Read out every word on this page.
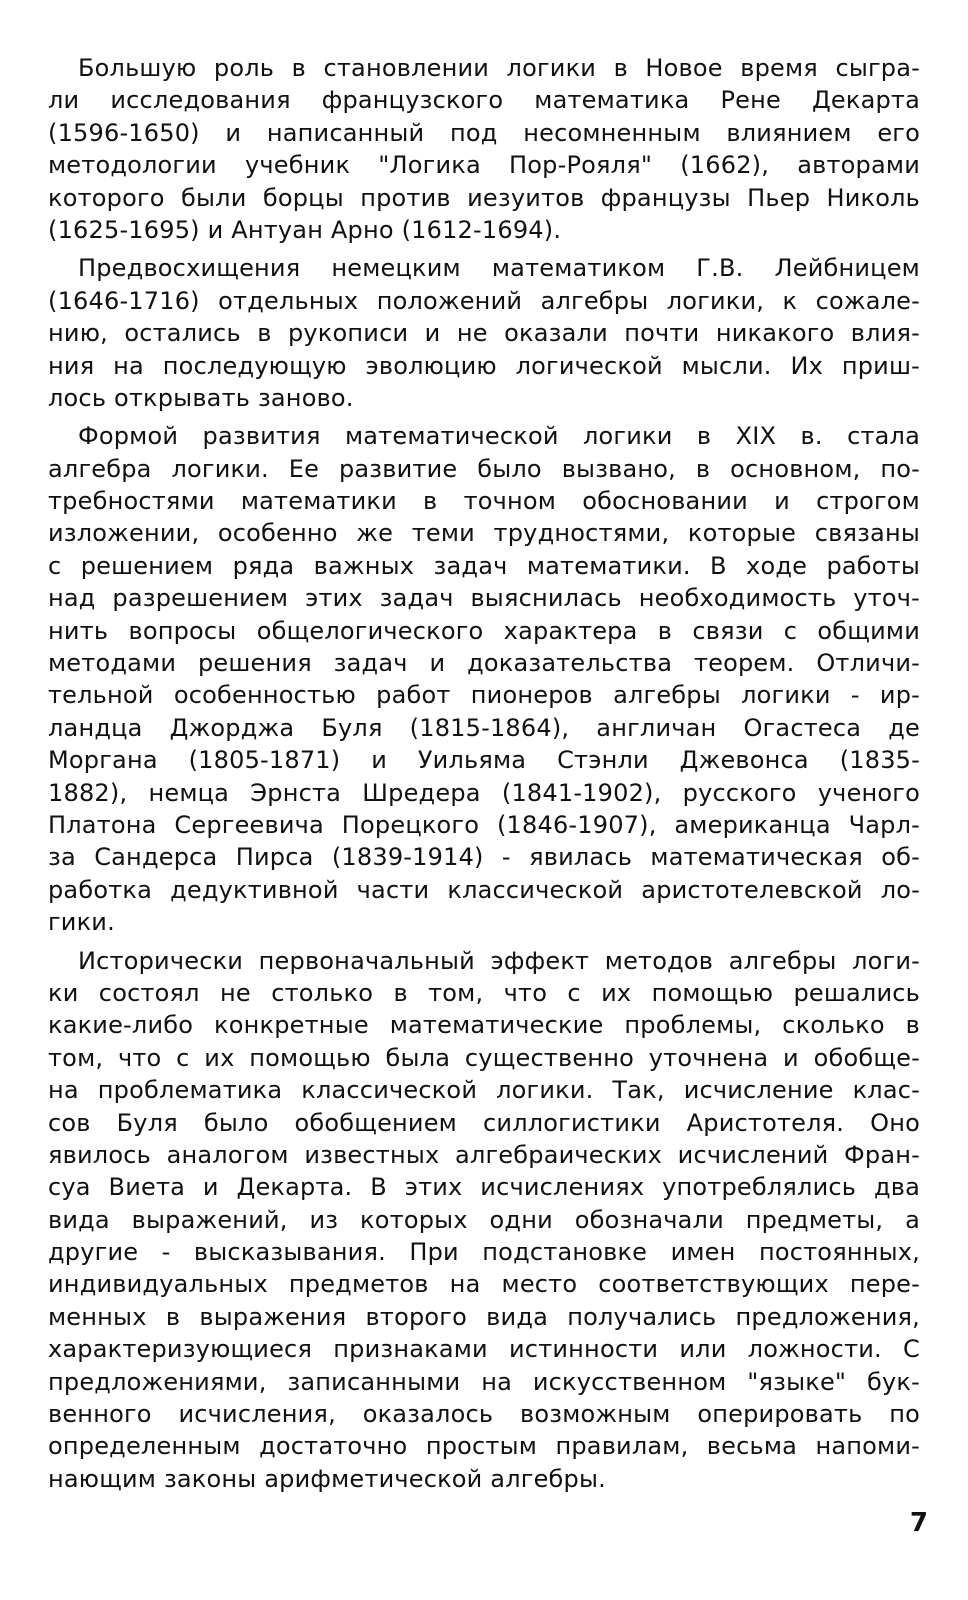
Большую роль в становлении логики в Новое время сыгра-
ли исследования французского математика Рене Декарта
(1596-1650) и написанный под несомненным влиянием его
методологии учебник "Логика Пор-Рояля" (1662), авторами
которого были борцы против иезуитов французы Пьер Николь
(1625-1695) и Антуан Арно (1612-1694).
Предвосхищения немецким математиком Г.В. Лейбницем
(1646-1716) отдельных положений алгебры логики, к сожале-
нию, остались в рукописи и не оказали почти никакого влия-
ния на последующую эволюцию логической мысли. Их приш-
лось открывать заново.
Формой развития математической логики в XIX в. стала
алгебра логики. Ее развитие было вызвано, в основном, по-
требностями математики в точном обосновании и строгом
изложении, особенно же теми трудностями, которые связаны
с решением ряда важных задач математики. В ходе работы
над разрешением этих задач выяснилась необходимость уточ-
нить вопросы общелогического характера в связи с общими
методами решения задач и доказательства теорем. Отличи-
тельной особенностью работ пионеров алгебры логики - ир-
ландца Джорджа Буля (1815-1864), англичан Огастеса де
Моргана (1805-1871) и Уильяма Стэнли Джевонса (1835-
1882), немца Эрнста Шредера (1841-1902), русского ученого
Платона Сергеевича Порецкого (1846-1907), американца Чарл-
за Сандерса Пирса (1839-1914) - явилась математическая об-
работка дедуктивной части классической аристотелевской ло-
гики.
Исторически первоначальный эффект методов алгебры логи-
ки состоял не столько в том, что с их помощью решались
какие-либо конкретные математические проблемы, сколько в
том, что с их помощью была существенно уточнена и обобще-
на проблематика классической логики. Так, исчисление клас-
сов Буля было обобщением силлогистики Аристотеля. Оно
явилось аналогом известных алгебраических исчислений Фран-
суа Виета и Декарта. В этих исчислениях употреблялись два
вида выражений, из которых одни обозначали предметы, а
другие - высказывания. При подстановке имен постоянных,
индивидуальных предметов на место соответствующих пере-
менных в выражения второго вида получались предложения,
характеризующиеся признаками истинности или ложности. С
предложениями, записанными на искусственном "языке" бук-
венного исчисления, оказалось возможным оперировать по
определенным достаточно простым правилам, весьма напоми-
нающим законы арифметической алгебры.
7
